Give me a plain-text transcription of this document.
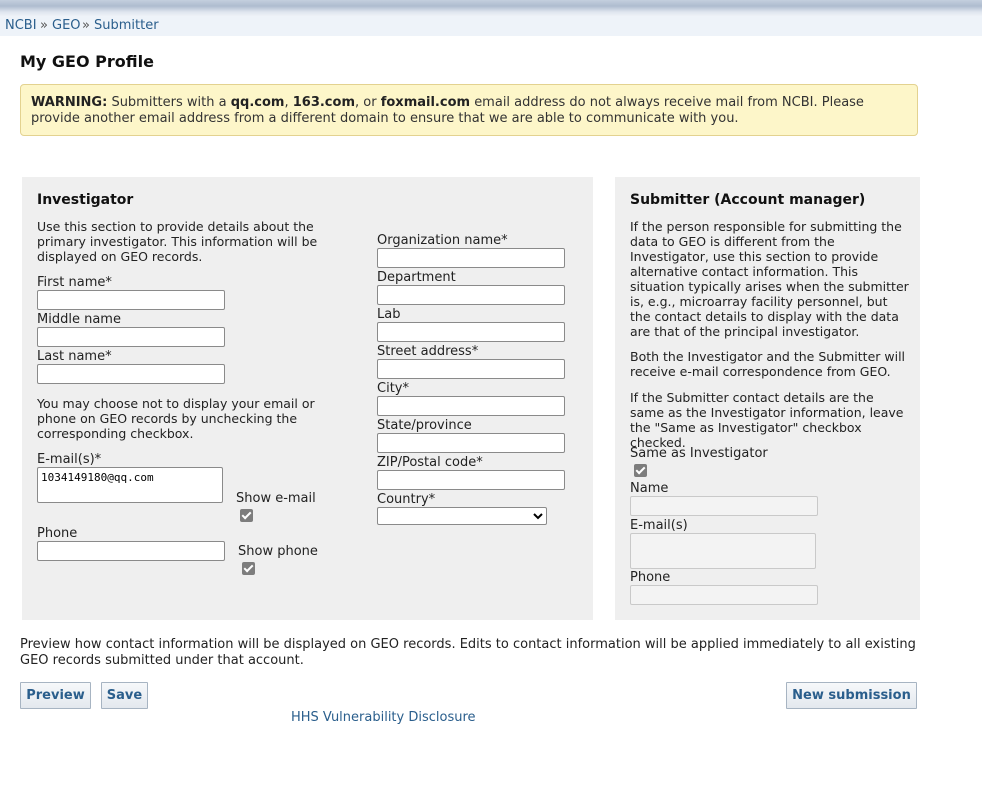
NCBI » GEO » Submitter
My GEO Profile

WARNING: Submitters with a qq.com, 163.com, or foxmail.com email address do not always receive mail from NCBI. Please provide another email address from a different domain to ensure that we are able to communicate with you.

Investigator

Use this section to provide details about the primary investigator. This information will be displayed on GEO records.

First name*
Middle name
Last name*

You may choose not to display your email or phone on GEO records by unchecking the corresponding checkbox.

E-mail(s)*
1034149180@qq.com
Show e-mail
Phone
Show phone
Organization name*
Department
Lab
Street address*
City*
State/province
ZIP/Postal code*
Country*
Submitter (Account manager)

If the person responsible for submitting the data to GEO is different from the Investigator, use this section to provide alternative contact information. This situation typically arises when the submitter is, e.g., microarray facility personnel, but the contact details to display with the data are that of the principal investigator.

Both the Investigator and the Submitter will receive e-mail correspondence from GEO.

If the Submitter contact details are the same as the Investigator information, leave the "Same as Investigator" checkbox checked.

Same as Investigator
Name
E-mail(s)
Phone

Preview how contact information will be displayed on GEO records. Edits to contact information will be applied immediately to all existing GEO records submitted under that account.

Preview	Save	New submission
HHS Vulnerability Disclosure
